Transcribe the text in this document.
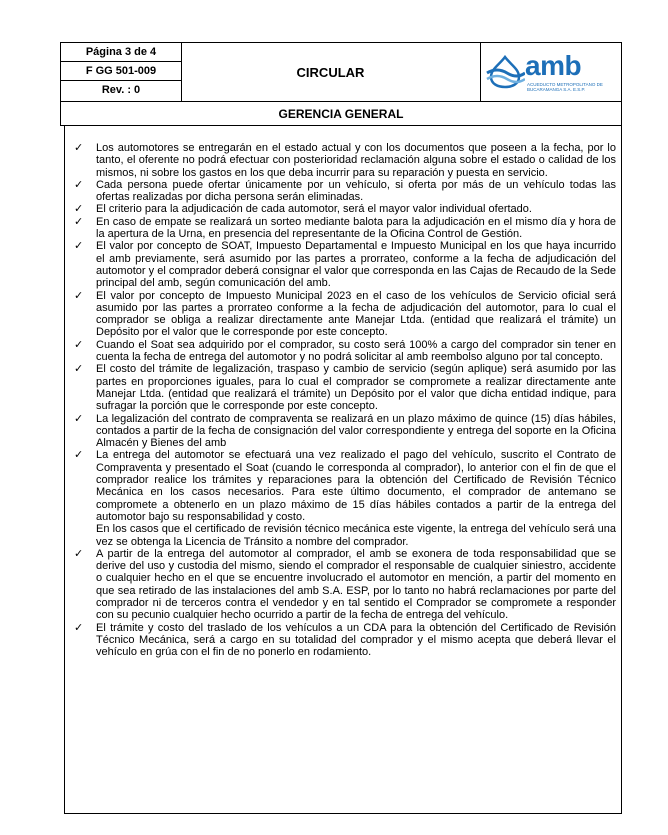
Página 3 de 4
F GG 501-009
Rev. : 0
CIRCULAR	amb
ACUEDUCTO METROPOLITANO DE BUCARAMANGA S.A. E.S.P.
GERENCIA GENERAL
✓ Los automotores se entregarán en el estado actual y con los documentos que poseen a la fecha, por lo tanto, el oferente no podrá efectuar con posterioridad reclamación alguna sobre el estado o calidad de los mismos, ni sobre los gastos en los que deba incurrir para su reparación y puesta en servicio.
✓ Cada persona puede ofertar únicamente por un vehículo, si oferta por más de un vehículo todas las ofertas realizadas por dicha persona serán eliminadas.
✓ El criterio para la adjudicación de cada automotor, será el mayor valor individual ofertado.
✓ En caso de empate se realizará un sorteo mediante balota para la adjudicación en el mismo día y hora de la apertura de la Urna, en presencia del representante de la Oficina Control de Gestión.
✓ El valor por concepto de SOAT, Impuesto Departamental e Impuesto Municipal en los que haya incurrido el amb previamente, será asumido por las partes a prorrateo, conforme a la fecha de adjudicación del automotor y el comprador deberá consignar el valor que corresponda en las Cajas de Recaudo de la Sede principal del amb, según comunicación del amb.
✓ El valor por concepto de Impuesto Municipal 2023 en el caso de los vehículos de Servicio oficial será asumido por las partes a prorrateo conforme a la fecha de adjudicación del automotor, para lo cual el comprador se obliga a realizar directamente ante Manejar Ltda. (entidad que realizará el trámite) un Depósito por el valor que le corresponde por este concepto.
✓ Cuando el Soat sea adquirido por el comprador, su costo será 100% a cargo del comprador sin tener en cuenta la fecha de entrega del automotor y no podrá solicitar al amb reembolso alguno por tal concepto.
✓ El costo del trámite de legalización, traspaso y cambio de servicio (según aplique) será asumido por las partes en proporciones iguales, para lo cual el comprador se compromete a realizar directamente ante Manejar Ltda. (entidad que realizará el trámite) un Depósito por el valor que dicha entidad indique, para sufragar la porción que le corresponde por este concepto.
✓ La legalización del contrato de compraventa se realizará en un plazo máximo de quince (15) días hábiles, contados a partir de la fecha de consignación del valor correspondiente y entrega del soporte en la Oficina Almacén y Bienes del amb
✓ La entrega del automotor se efectuará una vez realizado el pago del vehículo, suscrito el Contrato de Compraventa y presentado el Soat (cuando le corresponda al comprador), lo anterior con el fin de que el comprador realice los trámites y reparaciones para la obtención del Certificado de Revisión Técnico Mecánica en los casos necesarios. Para este último documento, el comprador de antemano se compromete a obtenerlo en un plazo máximo de 15 días hábiles contados a partir de la entrega del automotor bajo su responsabilidad y costo.
En los casos que el certificado de revisión técnico mecánica este vigente, la entrega del vehículo será una vez se obtenga la Licencia de Tránsito a nombre del comprador.
✓ A partir de la entrega del automotor al comprador, el amb se exonera de toda responsabilidad que se derive del uso y custodia del mismo, siendo el comprador el responsable de cualquier siniestro, accidente o cualquier hecho en el que se encuentre involucrado el automotor en mención, a partir del momento en que sea retirado de las instalaciones del amb S.A. ESP, por lo tanto no habrá reclamaciones por parte del comprador ni de terceros contra el vendedor y en tal sentido el Comprador se compromete a responder con su pecunio cualquier hecho ocurrido a partir de la fecha de entrega del vehículo.
✓ El trámite y costo del traslado de los vehículos a un CDA para la obtención del Certificado de Revisión Técnico Mecánica, será a cargo en su totalidad del comprador y el mismo acepta que deberá llevar el vehículo en grúa con el fin de no ponerlo en rodamiento.
